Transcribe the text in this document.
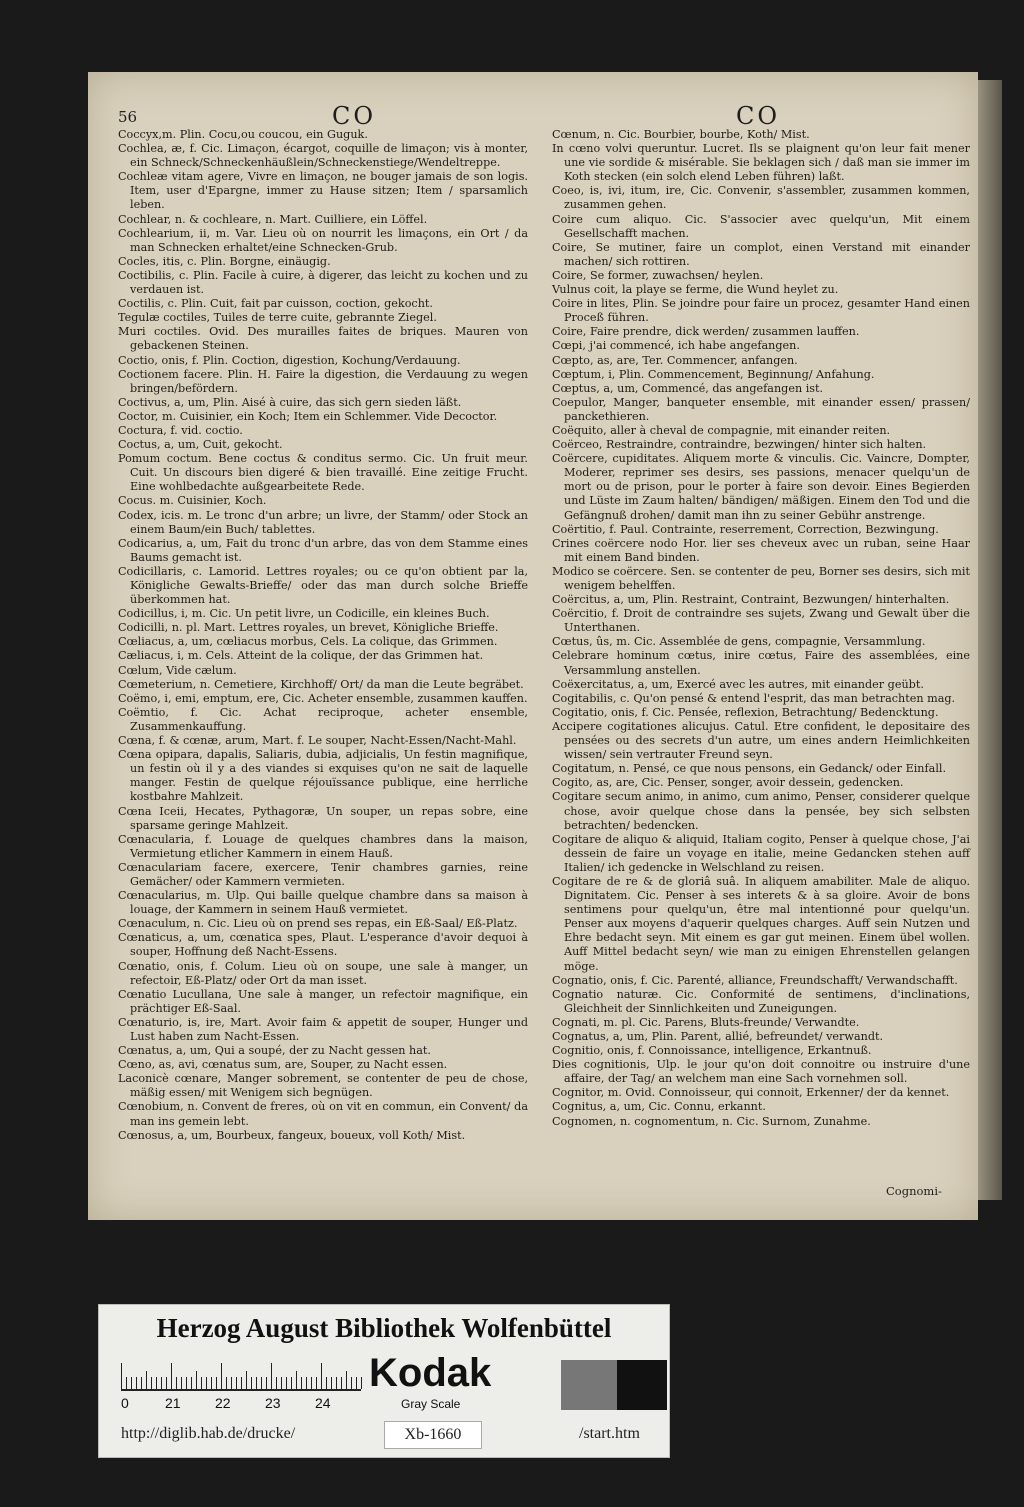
56	CO	CO

Coccyx,m. Plin. Cocu,ou coucou, ein Guguk.

Cochlea, æ, f. Cic. Limaçon, écargot, coquille de limaçon; vis à monter, ein Schneck/Schneckenhäußlein/Schneckenstiege/Wendeltreppe.

Cochleæ vitam agere, Vivre en limaçon, ne bouger jamais de son logis. Item, user d'Epargne, immer zu Hause sitzen; Item / sparsamlich leben.

Cochlear, n. & cochleare, n. Mart. Cuilliere, ein Löffel.

Cochlearium, ii, m. Var. Lieu où on nourrit les limaçons, ein Ort / da man Schnecken erhaltet/eine Schnecken-Grub.

Cocles, itis, c. Plin. Borgne, einäugig.

Coctibilis, c. Plin. Facile à cuire, à digerer, das leicht zu kochen und zu verdauen ist.

Coctilis, c. Plin. Cuit, fait par cuisson, coction, gekocht.

Tegulæ coctiles, Tuiles de terre cuite, gebrannte Ziegel.

Muri coctiles. Ovid. Des murailles faites de briques. Mauren von gebackenen Steinen.

Coctio, onis, f. Plin. Coction, digestion, Kochung/Verdauung.

Coctionem facere. Plin. H. Faire la digestion, die Verdauung zu wegen bringen/befördern.

Coctivus, a, um, Plin. Aisé à cuire, das sich gern sieden läßt.

Coctor, m. Cuisinier, ein Koch; Item ein Schlemmer. Vide Decoctor.

Coctura, f. vid. coctio.

Coctus, a, um, Cuit, gekocht.

Pomum coctum. Bene coctus & conditus sermo. Cic. Un fruit meur. Cuit. Un discours bien digeré & bien travaillé. Eine zeitige Frucht. Eine wohlbedachte außgearbeitete Rede.

Cocus. m. Cuisinier, Koch.

Codex, icis. m. Le tronc d'un arbre; un livre, der Stamm/ oder Stock an einem Baum/ein Buch/ tablettes.

Codicarius, a, um, Fait du tronc d'un arbre, das von dem Stamme eines Baums gemacht ist.

Codicillaris, c. Lamorid. Lettres royales; ou ce qu'on obtient par la, Königliche Gewalts-Brieffe/ oder das man durch solche Brieffe überkommen hat.

Codicillus, i, m. Cic. Un petit livre, un Codicille, ein kleines Buch.

Codicilli, n. pl. Mart. Lettres royales, un brevet, Königliche Brieffe.

Cœliacus, a, um, cœliacus morbus, Cels. La colique, das Grimmen.

Cæliacus, i, m. Cels. Atteint de la colique, der das Grimmen hat.

Cœlum, Vide cælum.

Cœmeterium, n. Cemetiere, Kirchhoff/ Ort/ da man die Leute begräbet.

Coëmo, i, emi, emptum, ere, Cic. Acheter ensemble, zusammen kauffen.

Coëmtio, f. Cic. Achat reciproque, acheter ensemble, Zusammenkauffung.

Cœna, f. & cœnæ, arum, Mart. f. Le souper, Nacht-Essen/Nacht-Mahl.

Cœna opipara, dapalis, Saliaris, dubia, adjicialis, Un festin magnifique, un festin où il y a des viandes si exquises qu'on ne sait de laquelle manger. Festin de quelque réjouïssance publique, eine herrliche kostbahre Mahlzeit.

Cœna Iceii, Hecates, Pythagoræ, Un souper, un repas sobre, eine sparsame geringe Mahlzeit.

Cœnacularia, f. Louage de quelques chambres dans la maison, Vermietung etlicher Kammern in einem Hauß.

Cœnaculariam facere, exercere, Tenir chambres garnies, reine Gemächer/ oder Kammern vermieten.

Cœnacularius, m. Ulp. Qui baille quelque chambre dans sa maison à louage, der Kammern in seinem Hauß vermietet.

Cœnaculum, n. Cic. Lieu où on prend ses repas, ein Eß-Saal/ Eß-Platz.

Cœnaticus, a, um, cœnatica spes, Plaut. L'esperance d'avoir dequoi à souper, Hoffnung deß Nacht-Essens.

Cœnatio, onis, f. Colum. Lieu où on soupe, une sale à manger, un refectoir, Eß-Platz/ oder Ort da man isset.

Cœnatio Lucullana, Une sale à manger, un refectoir magnifique, ein prächtiger Eß-Saal.

Cœnaturio, is, ire, Mart. Avoir faim & appetit de souper, Hunger und Lust haben zum Nacht-Essen.

Cœnatus, a, um, Qui a soupé, der zu Nacht gessen hat.

Cœno, as, avi, cœnatus sum, are, Souper, zu Nacht essen.

Laconicè cœnare, Manger sobrement, se contenter de peu de chose, mäßig essen/ mit Wenigem sich begnügen.

Cœnobium, n. Convent de freres, où on vit en commun, ein Convent/ da man ins gemein lebt.

Cœnosus, a, um, Bourbeux, fangeux, boueux, voll Koth/ Mist.

Cœnum, n. Cic. Bourbier, bourbe, Koth/ Mist.

In cœno volvi queruntur. Lucret. Ils se plaignent qu'on leur fait mener une vie sordide & misérable. Sie beklagen sich / daß man sie immer im Koth stecken (ein solch elend Leben führen) laßt.

Coeo, is, ivi, itum, ire, Cic. Convenir, s'assembler, zusammen kommen, zusammen gehen.

Coire cum aliquo. Cic. S'associer avec quelqu'un, Mit einem Gesellschafft machen.

Coire, Se mutiner, faire un complot, einen Verstand mit einander machen/ sich rottiren.

Coire, Se former, zuwachsen/ heylen.

Vulnus coit, la playe se ferme, die Wund heylet zu.

Coire in lites, Plin. Se joindre pour faire un procez, gesamter Hand einen Proceß führen.

Coire, Faire prendre, dick werden/ zusammen lauffen.

Cœpi, j'ai commencé, ich habe angefangen.

Cœpto, as, are, Ter. Commencer, anfangen.

Cœptum, i, Plin. Commencement, Beginnung/ Anfahung.

Cœptus, a, um, Commencé, das angefangen ist.

Coepulor, Manger, banqueter ensemble, mit einander essen/ prassen/ panckethieren.

Coëquito, aller à cheval de compagnie, mit einander reiten.

Coërceo, Restraindre, contraindre, bezwingen/ hinter sich halten.

Coërcere, cupiditates. Aliquem morte & vinculis. Cic. Vaincre, Dompter, Moderer, reprimer ses desirs, ses passions, menacer quelqu'un de mort ou de prison, pour le porter à faire son devoir. Eines Begierden und Lüste im Zaum halten/ bändigen/ mäßigen. Einem den Tod und die Gefängnuß drohen/ damit man ihn zu seiner Gebühr anstrenge.

Coërtitio, f. Paul. Contrainte, reserrement, Correction, Bezwingung.

Crines coërcere nodo Hor. lier ses cheveux avec un ruban, seine Haar mit einem Band binden.

Modico se coërcere. Sen. se contenter de peu, Borner ses desirs, sich mit wenigem behelffen.

Coërcitus, a, um, Plin. Restraint, Contraint, Bezwungen/ hinterhalten.

Coërcitio, f. Droit de contraindre ses sujets, Zwang und Gewalt über die Unterthanen.

Cœtus, ûs, m. Cic. Assemblée de gens, compagnie, Versammlung.

Celebrare hominum cœtus, inire cœtus, Faire des assemblées, eine Versammlung anstellen.

Coëxercitatus, a, um, Exercé avec les autres, mit einander geübt.

Cogitabilis, c. Qu'on pensé & entend l'esprit, das man betrachten mag.

Cogitatio, onis, f. Cic. Pensée, reflexion, Betrachtung/ Bedencktung.

Accipere cogitationes alicujus. Catul. Etre confident, le depositaire des pensées ou des secrets d'un autre, um eines andern Heimlichkeiten wissen/ sein vertrauter Freund seyn.

Cogitatum, n. Pensé, ce que nous pensons, ein Gedanck/ oder Einfall.

Cogito, as, are, Cic. Penser, songer, avoir dessein, gedencken.

Cogitare secum animo, in animo, cum animo, Penser, considerer quelque chose, avoir quelque chose dans la pensée, bey sich selbsten betrachten/ bedencken.

Cogitare de aliquo & aliquid, Italiam cogito, Penser à quelque chose, J'ai dessein de faire un voyage en italie, meine Gedancken stehen auff Italien/ ich gedencke in Welschland zu reisen.

Cogitare de re & de gloriâ suâ. In aliquem amabiliter. Male de aliquo. Dignitatem. Cic. Penser à ses interets & à sa gloire. Avoir de bons sentimens pour quelqu'un, être mal intentionné pour quelqu'un. Penser aux moyens d'aquerir quelques charges. Auff sein Nutzen und Ehre bedacht seyn. Mit einem es gar gut meinen. Einem übel wollen. Auff Mittel bedacht seyn/ wie man zu einigen Ehrenstellen gelangen möge.

Cognatio, onis, f. Cic. Parenté, alliance, Freundschafft/ Verwandschafft.

Cognatio naturæ. Cic. Conformité de sentimens, d'inclinations, Gleichheit der Sinnlichkeiten und Zuneigungen.

Cognati, m. pl. Cic. Parens, Bluts-freunde/ Verwandte.

Cognatus, a, um, Plin. Parent, allié, befreundet/ verwandt.

Cognitio, onis, f. Connoissance, intelligence, Erkantnuß.

Dies cognitionis, Ulp. le jour qu'on doit connoitre ou instruire d'une affaire, der Tag/ an welchem man eine Sach vornehmen soll.

Cognitor, m. Ovid. Connoisseur, qui connoit, Erkenner/ der da kennet.

Cognitus, a, um, Cic. Connu, erkannt.

Cognomen, n. cognomentum, n. Cic. Surnom, Zunahme.

Cognomi-
Herzog August Bibliothek Wolfenbüttel
0	21 22 23 24
Kodak
Gray Scale
http://diglib.hab.de/drucke/	Xb-1660	/start.htm
